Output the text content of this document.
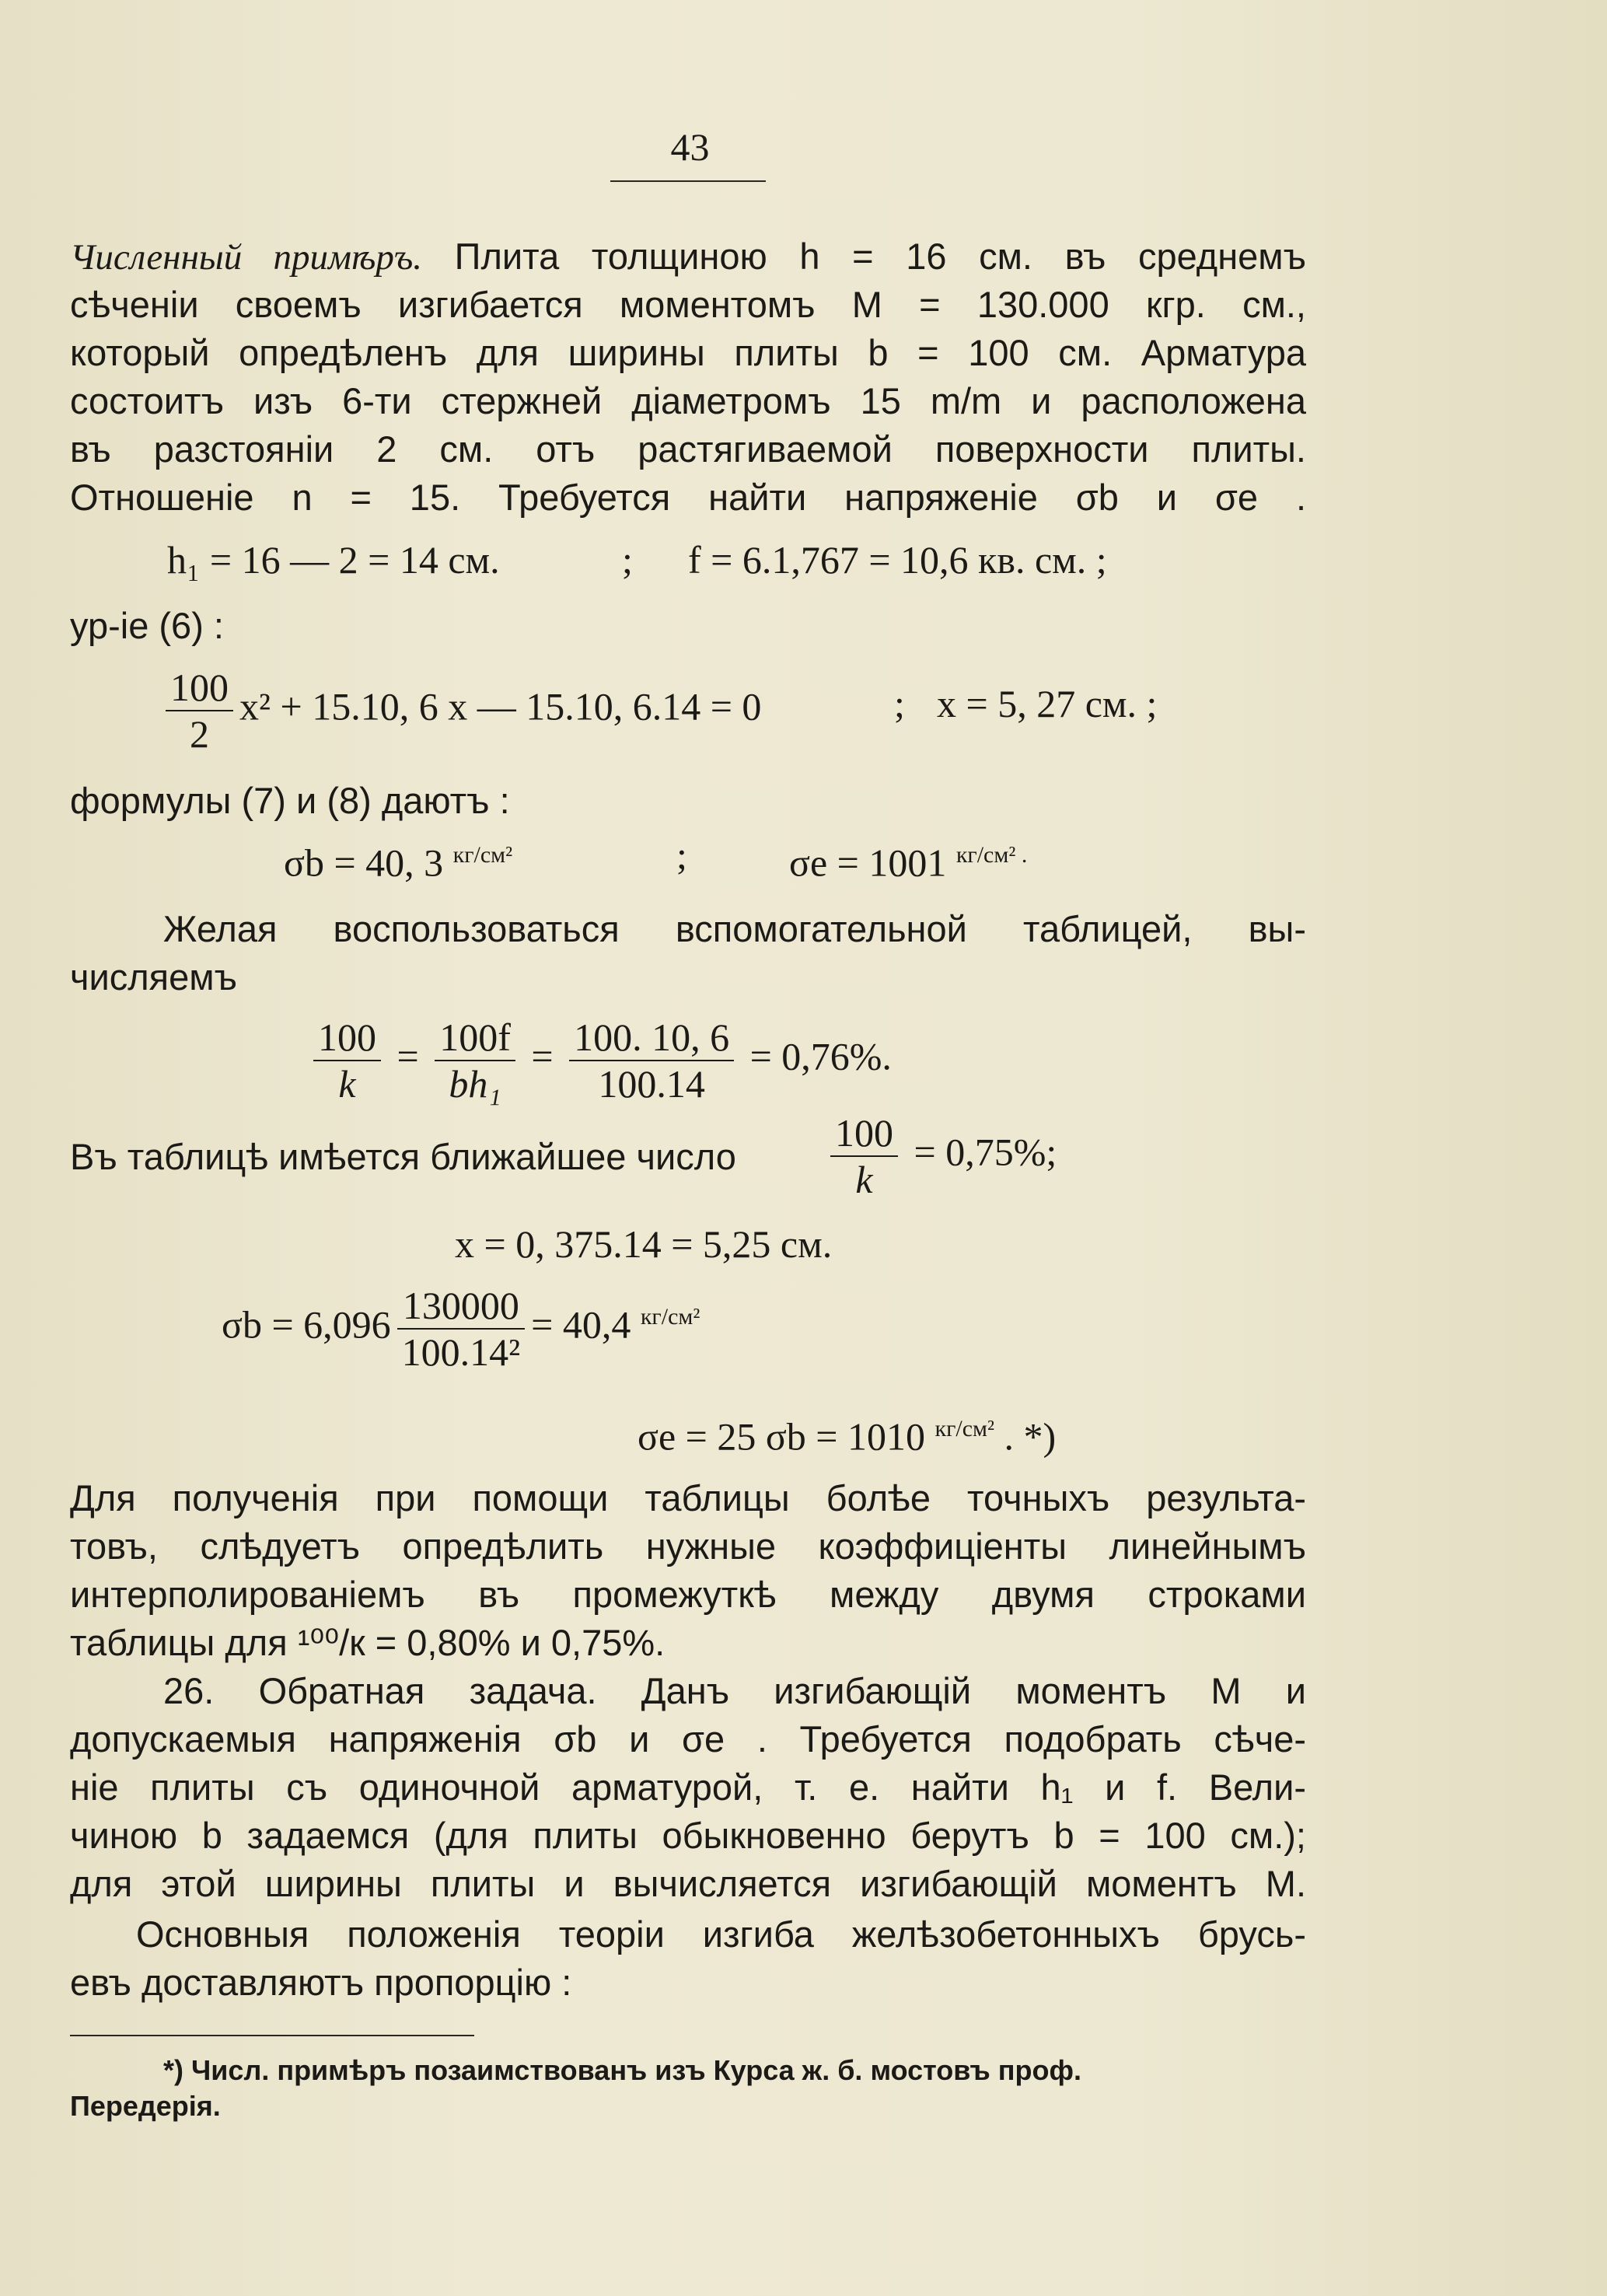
43
Численный примѣръ. Плита толщиною h = 16 см. въ среднемъ
сѣченіи своемъ изгибается моментомъ M = 130.000 кгр. см.,
который опредѣленъ для ширины плиты b = 100 см. Арматура
состоитъ изъ 6-ти стержней діаметромъ 15 m/m и расположена
въ разстояніи 2 см. отъ растягиваемой поверхности плиты.
Отношеніе n = 15. Требуется найти напряженіе σb и σe .
h₁ = 16 — 2 = 14 см.	; f = 6.1,767 = 10,6 кв. см. ;
ур-іе (6) :
$\frac{100}{2} x^2 + 15.10$, 6 x — 15.10, 6.14 = 0	; x = 5, 27 см. ;
формулы (7) и (8) даютъ :
σb = 40, 3 $^{кг/см^2}$	;	σe = 1001 $^{кг/см^2 .}$
Желая воспользоваться вспомогательной таблицей, вы-
числяемъ
$\frac{100}{k} = \frac{100f}{\text{bh₁}} = \frac{100. 10, 6}{100.14} = 0,76\%$.
Въ таблицѣ имѣется ближайшее число	$\frac{100}{k} = 0,75\%$;
x = 0, 375.14 = 5,25 см.
$\sigma b = 6,096 \frac{130000}{\text{100.14²}} = 40,4$ $^{кг/см^2}$
σe = 25 σb = 1010 $^{кг/см^2}$ . *)
Для полученія при помощи таблицы болѣе точныхъ результа-
товъ, слѣдуетъ опредѣлить нужные коэффиціенты линейнымъ
интерполированіемъ въ промежуткѣ между двумя строками
таблицы для ¹⁰⁰/к = 0,80% и 0,75%.
26. Обратная задача. Данъ изгибающій моментъ M и
допускаемыя напряженія σb и σe . Требуется подобрать сѣче-
ніе плиты съ одиночной арматурой, т. е. найти h₁ и f. Вели-
чиною b задаемся (для плиты обыкновенно берутъ b = 100 см.);
для этой ширины плиты и вычисляется изгибающій моментъ M.
Основныя положенія теоріи изгиба желѣзобетонныхъ брусь-
евъ доставляютъ пропорцію :
*) Числ. примѣръ позаимствованъ изъ Курса ж. б. мостовъ проф.
Передерія.
